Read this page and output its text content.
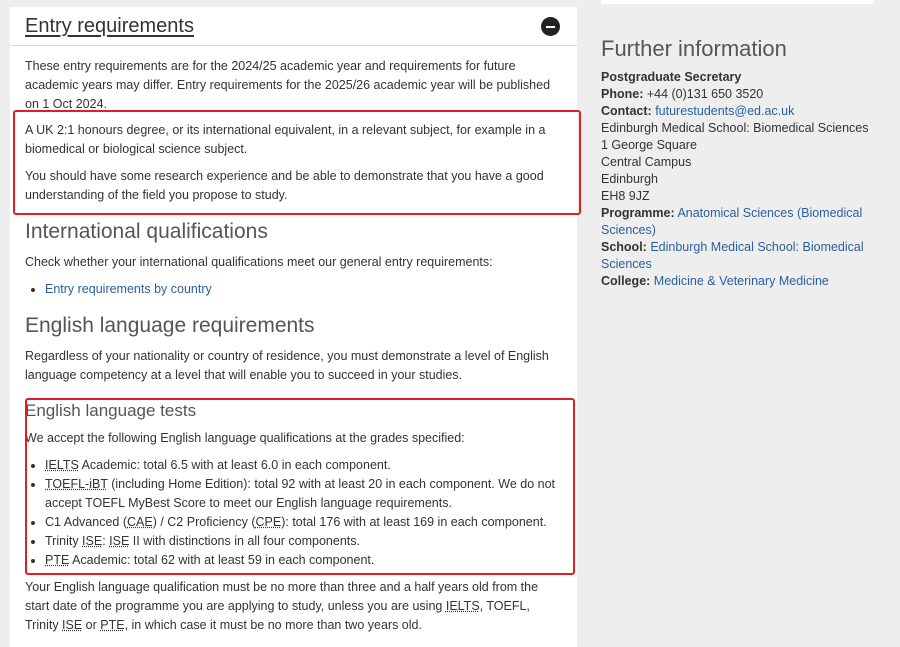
Entry requirements

These entry requirements are for the 2024/25 academic year and requirements for future academic years may differ. Entry requirements for the 2025/26 academic year will be published on 1 Oct 2024.

A UK 2:1 honours degree, or its international equivalent, in a relevant subject, for example in a biomedical or biological science subject.

You should have some research experience and be able to demonstrate that you have a good understanding of the field you propose to study.

International qualifications

Check whether your international qualifications meet our general entry requirements:

• Entry requirements by country
English language requirements

Regardless of your nationality or country of residence, you must demonstrate a level of English language competency at a level that will enable you to succeed in your studies.

English language tests

We accept the following English language qualifications at the grades specified:

• IELTS Academic: total 6.5 with at least 6.0 in each component.
• TOEFL-iBT (including Home Edition): total 92 with at least 20 in each component. We do not accept TOEFL MyBest Score to meet our English language requirements.
• C1 Advanced (CAE) / C2 Proficiency (CPE): total 176 with at least 169 in each component.
• Trinity ISE: ISE II with distinctions in all four components.
• PTE Academic: total 62 with at least 59 in each component.

Your English language qualification must be no more than three and a half years old from the start date of the programme you are applying to study, unless you are using IELTS, TOEFL, Trinity ISE or PTE, in which case it must be no more than two years old.

Further information

Postgraduate Secretary

Phone: +44 (0)131 650 3520

Contact: futurestudents@ed.ac.uk

Edinburgh Medical School: Biomedical Sciences

1 George Square

Central Campus

Edinburgh

EH8 9JZ

Programme: Anatomical Sciences (Biomedical Sciences)

School: Edinburgh Medical School: Biomedical Sciences

College: Medicine & Veterinary Medicine
